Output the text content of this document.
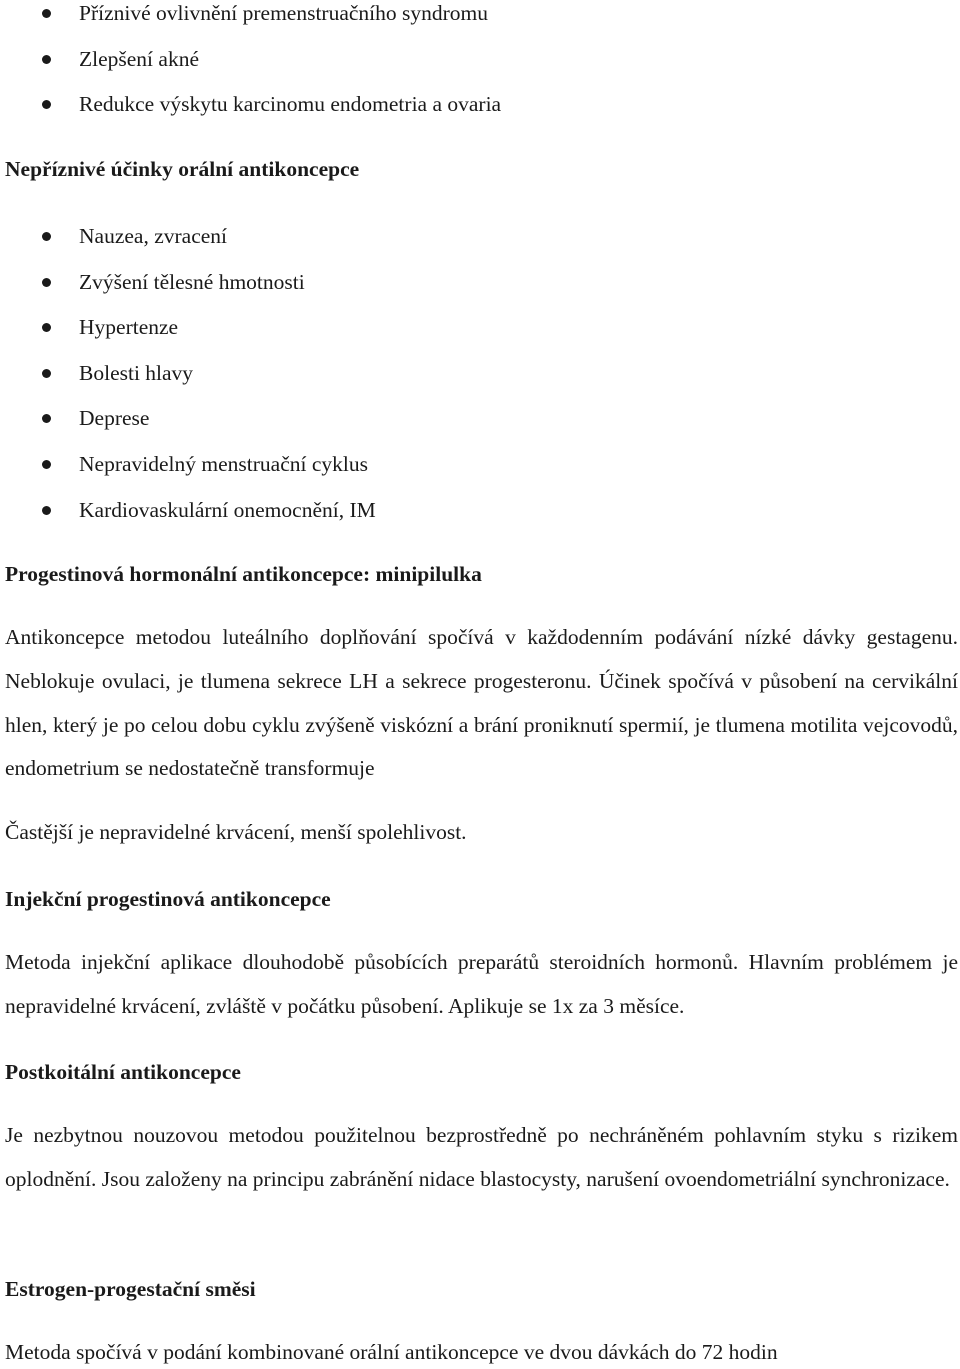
Příznivé ovlivnění premenstruačního syndromu
Zlepšení akné
Redukce výskytu karcinomu endometria a ovaria
Nepříznivé účinky orální antikoncepce
Nauzea, zvracení
Zvýšení tělesné hmotnosti
Hypertenze
Bolesti hlavy
Deprese
Nepravidelný menstruační cyklus
Kardiovaskulární onemocnění, IM
Progestinová hormonální antikoncepce: minipilulka
Antikoncepce metodou luteálního doplňování spočívá v každodenním podávání nízké dávky gestagenu. Neblokuje ovulaci, je tlumena sekrece LH a sekrece progesteronu. Účinek spočívá v působení na cervikální hlen, který je po celou dobu cyklu zvýšeně viskózní a brání proniknutí spermií, je tlumena motilita vejcovodů, endometrium se nedostatečně transformuje
Častější je nepravidelné krvácení, menší spolehlivost.
Injekční progestinová antikoncepce
Metoda injekční aplikace dlouhodobě působících preparátů steroidních hormonů. Hlavním problémem je nepravidelné krvácení, zvláště v počátku působení. Aplikuje se 1x za 3 měsíce.
Postkoitální antikoncepce
Je nezbytnou nouzovou metodou použitelnou bezprostředně po nechráněném pohlavním styku s rizikem oplodnění. Jsou založeny na principu zabránění nidace blastocysty, narušení ovoendometriální synchronizace.
Estrogen-progestační směsi
Metoda spočívá v podání kombinované orální antikoncepce ve dvou dávkách do 72 hodin
